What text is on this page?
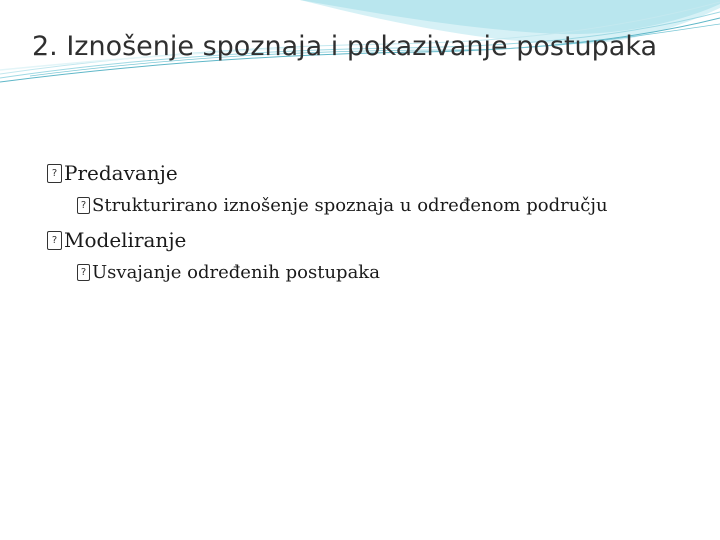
2. Iznošenje spoznaja i pokazivanje postupaka
?
Predavanje
?
Strukturirano iznošenje spoznaja u određenom području
?
Modeliranje
?
Usvajanje određenih postupaka
